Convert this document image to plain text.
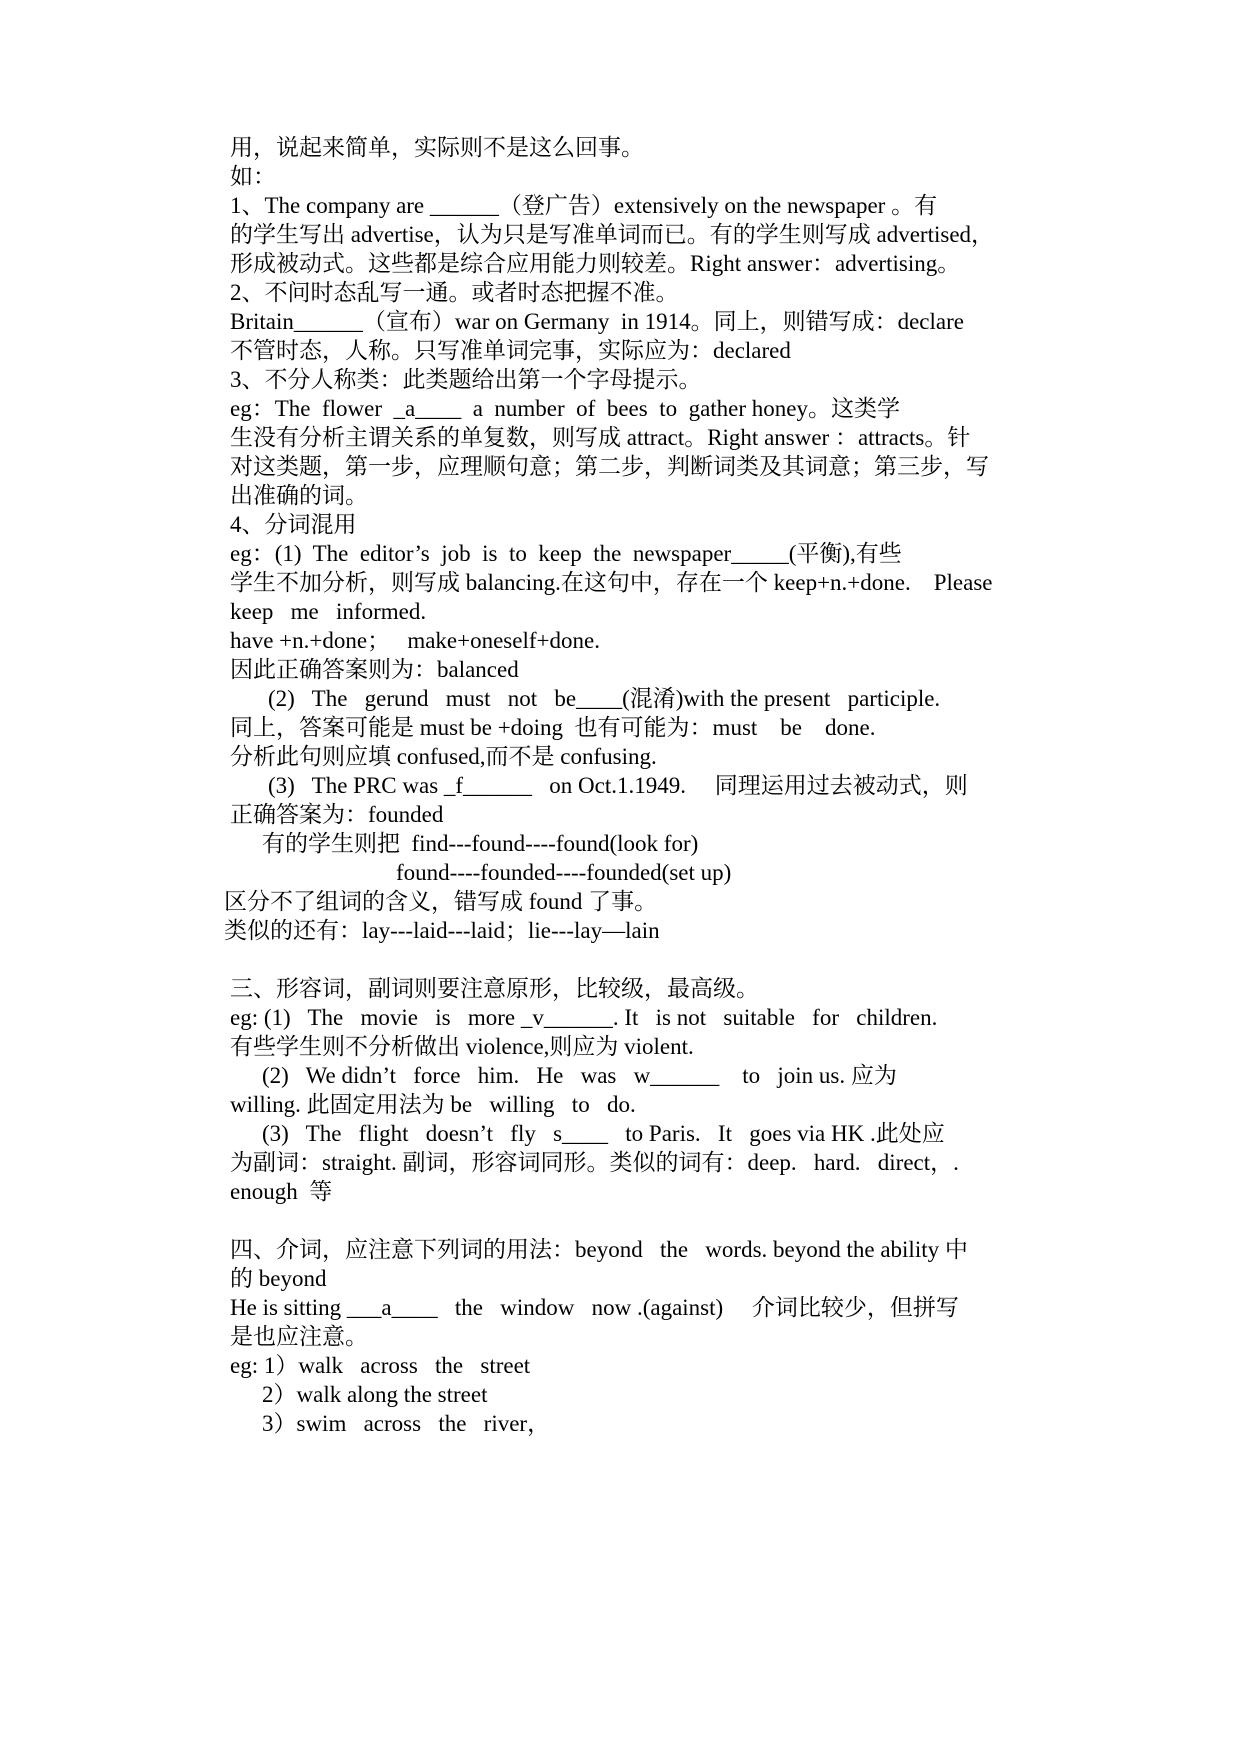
用，说起来简单，实际则不是这么回事。
如：
1、The company are ______（登广告）extensively on the newspaper 。有
的学生写出 advertise，认为只是写准单词而已。有的学生则写成 advertised，
形成被动式。这些都是综合应用能力则较差。Right answer：advertising。
2、不问时态乱写一通。或者时态把握不准。
Britain______（宣布）war on Germany  in 1914。同上，则错写成：declare
不管时态，人称。只写准单词完事，实际应为：declared
3、不分人称类：此类题给出第一个字母提示。
eg：The  flower  _a____  a  number  of  bees  to  gather honey。这类学
生没有分析主谓关系的单复数，则写成 attract。Right answer ：attracts。针
对这类题，第一步，应理顺句意；第二步，判断词类及其词意；第三步，写
出准确的词。
4、分词混用
eg：(1)  The  editor’s  job  is  to  keep  the  newspaper_____(平衡),有些
学生不加分析，则写成 balancing.在这句中，存在一个 keep+n.+done.    Please
keep   me   informed.
have +n.+done；   make+oneself+done.
因此正确答案则为：balanced
(2)   The   gerund   must   not   be____(混淆)with the present   participle.
同上，答案可能是 must be +doing  也有可能为：must    be    done.
分析此句则应填 confused,而不是 confusing.
(3)   The PRC was _f______   on Oct.1.1949.     同理运用过去被动式，则
正确答案为：founded
有的学生则把  find---found----found(look for)
found----founded----founded(set up)
区分不了组词的含义，错写成 found 了事。
类似的还有：lay---laid---laid；lie---lay—lain
三、形容词，副词则要注意原形，比较级，最高级。
eg: (1)   The   movie   is   more _v______. It   is not   suitable   for   children.
有些学生则不分析做出 violence,则应为 violent.
(2)   We didn’t   force   him.   He   was   w______    to   join us. 应为
willing. 此固定用法为 be   willing   to   do.
(3)   The   flight   doesn’t   fly   s____   to Paris.   It   goes via HK .此处应
为副词：straight. 副词，形容词同形。类似的词有：deep.   hard.   direct，.
enough  等
四、介词，应注意下列词的用法：beyond   the   words. beyond the ability 中
的 beyond
He is sitting ___a____   the   window   now .(against)     介词比较少，但拼写
是也应注意。
eg: 1）walk   across   the   street
2）walk along the street
3）swim   across   the   river，
